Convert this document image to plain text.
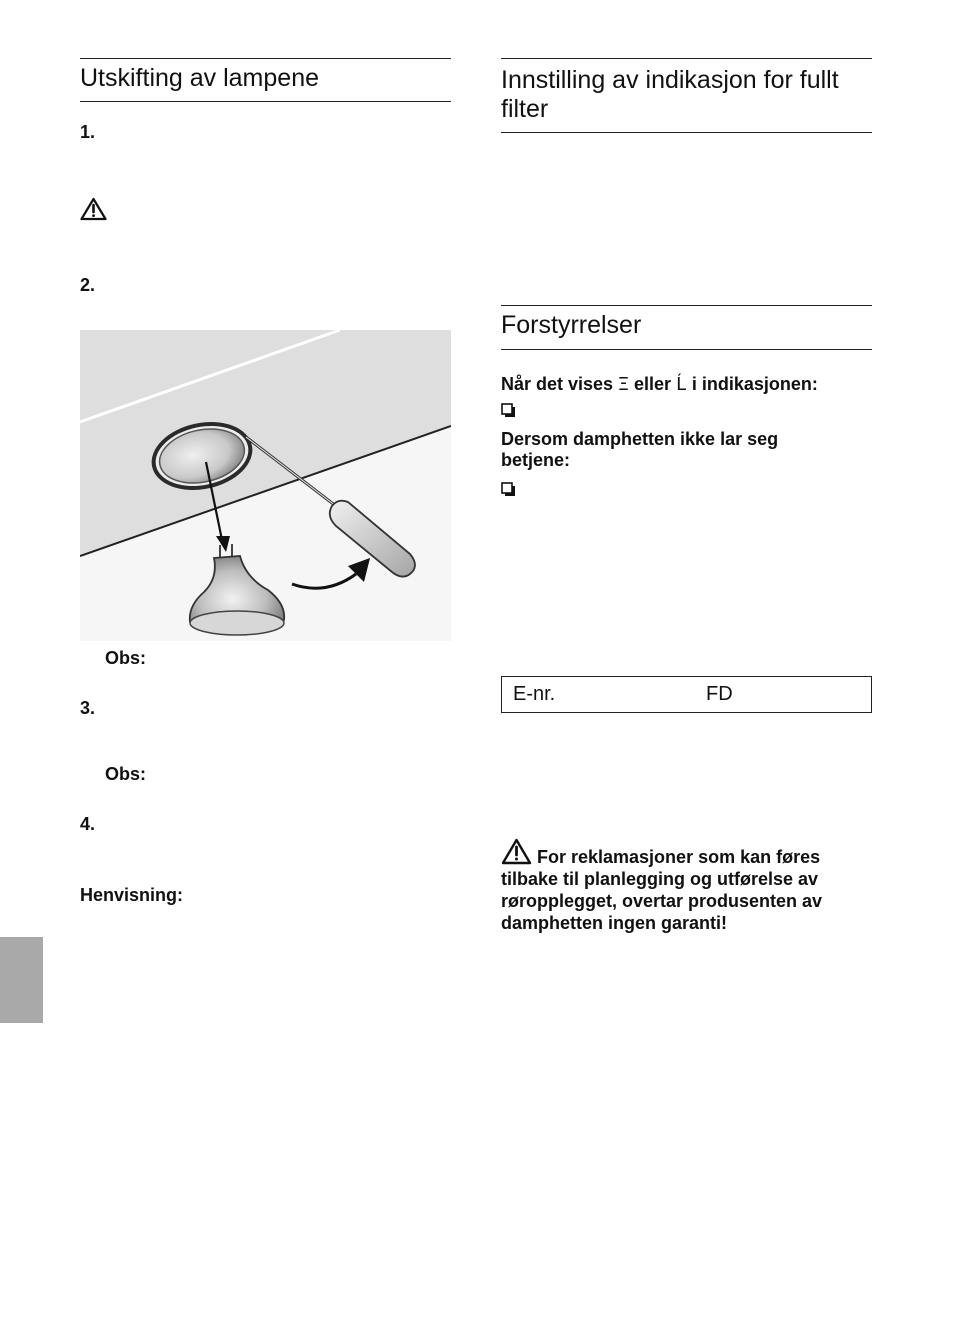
Utskifting av lampene
1.
2.
Obs:
3.
Obs:
4.
Henvisning:
Innstilling av indikasjon for fullt
filter
Forstyrrelser
Når det vises Ξ eller Ĺ i indikasjonen:
Dersom damphetten ikke lar seg
betjene:
E-nr.	FD
For reklamasjoner som kan føres
tilbake til planlegging og utførelse av
røropplegget, overtar produsenten av
damphetten ingen garanti!
